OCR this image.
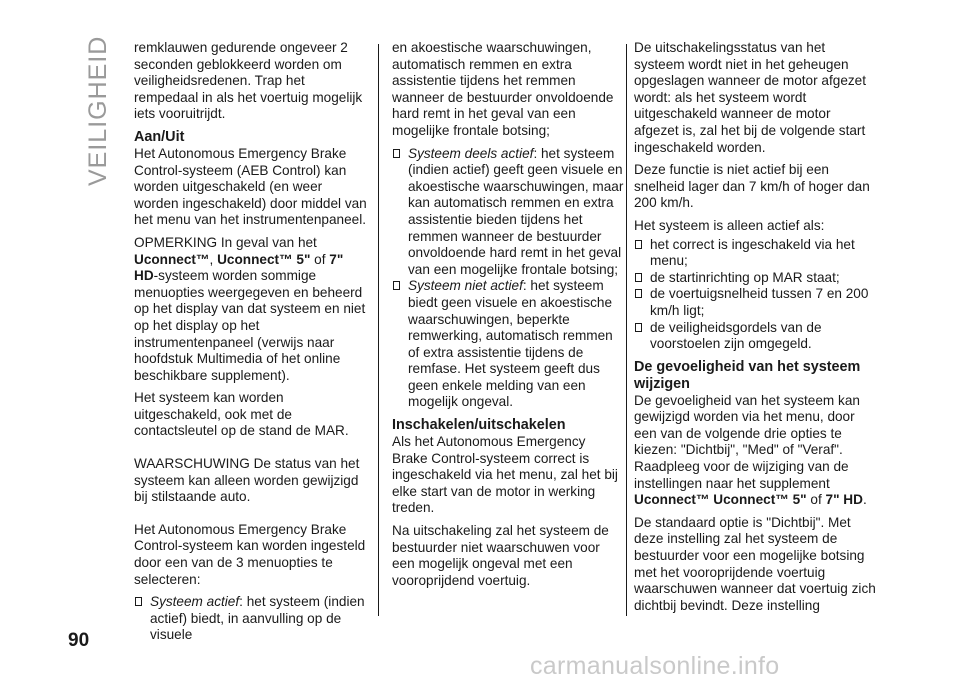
VEILIGHEID remklauwen gedurende ongeveer 2 seconden geblokkeerd worden om veiligheidsredenen. Trap het rempedaal in als het voertuig mogelijk iets vooruitrijdt.

Aan/Uit

Het Autonomous Emergency Brake Control-systeem (AEB Control) kan worden uitgeschakeld (en weer worden ingeschakeld) door middel van het menu van het instrumentenpaneel.

OPMERKING In geval van het Uconnect™, Uconnect™ 5" of 7" HD-systeem worden sommige menuopties weergegeven en beheerd op het display van dat systeem en niet op het display op het instrumentenpaneel (verwijs naar hoofdstuk Multimedia of het online beschikbare supplement).

Het systeem kan worden uitgeschakeld, ook met de contactsleutel op de stand de MAR.

WAARSCHUWING De status van het systeem kan alleen worden gewijzigd bij stilstaande auto.

Het Autonomous Emergency Brake Control-systeem kan worden ingesteld door een van de 3 menuopties te selecteren:

Systeem actief: het systeem (indien actief) biedt, in aanvulling op de visuele

en akoestische waarschuwingen, automatisch remmen en extra assistentie tijdens het remmen wanneer de bestuurder onvoldoende hard remt in het geval van een mogelijke frontale botsing;

Systeem deels actief: het systeem (indien actief) geeft geen visuele en akoestische waarschuwingen, maar kan automatisch remmen en extra assistentie bieden tijdens het remmen wanneer de bestuurder onvoldoende hard remt in het geval van een mogelijke frontale botsing;
Systeem niet actief: het systeem biedt geen visuele en akoestische waarschuwingen, beperkte remwerking, automatisch remmen of extra assistentie tijdens de remfase. Het systeem geeft dus geen enkele melding van een mogelijk ongeval.
Inschakelen/uitschakelen

Als het Autonomous Emergency Brake Control-systeem correct is ingeschakeld via het menu, zal het bij elke start van de motor in werking treden.

Na uitschakeling zal het systeem de bestuurder niet waarschuwen voor een mogelijk ongeval met een vooroprijdend voertuig.

De uitschakelingsstatus van het systeem wordt niet in het geheugen opgeslagen wanneer de motor afgezet wordt: als het systeem wordt uitgeschakeld wanneer de motor afgezet is, zal het bij de volgende start ingeschakeld worden.

Deze functie is niet actief bij een snelheid lager dan 7 km/h of hoger dan 200 km/h.

Het systeem is alleen actief als:

het correct is ingeschakeld via het menu;
de startinrichting op MAR staat;
de voertuigsnelheid tussen 7 en 200 km/h ligt;
de veiligheidsgordels van de voorstoelen zijn omgegeld.
De gevoeligheid van het systeem wijzigen

De gevoeligheid van het systeem kan gewijzigd worden via het menu, door een van de volgende drie opties te kiezen: "Dichtbij", "Med" of "Veraf". Raadpleeg voor de wijziging van de instellingen naar het supplement Uconnect™ Uconnect™ 5" of 7" HD.

De standaard optie is "Dichtbij". Met deze instelling zal het systeem de bestuurder voor een mogelijke botsing met het vooroprijdende voertuig waarschuwen wanneer dat voertuig zich dichtbij bevindt. Deze instelling

90
carmanualsonline.info
